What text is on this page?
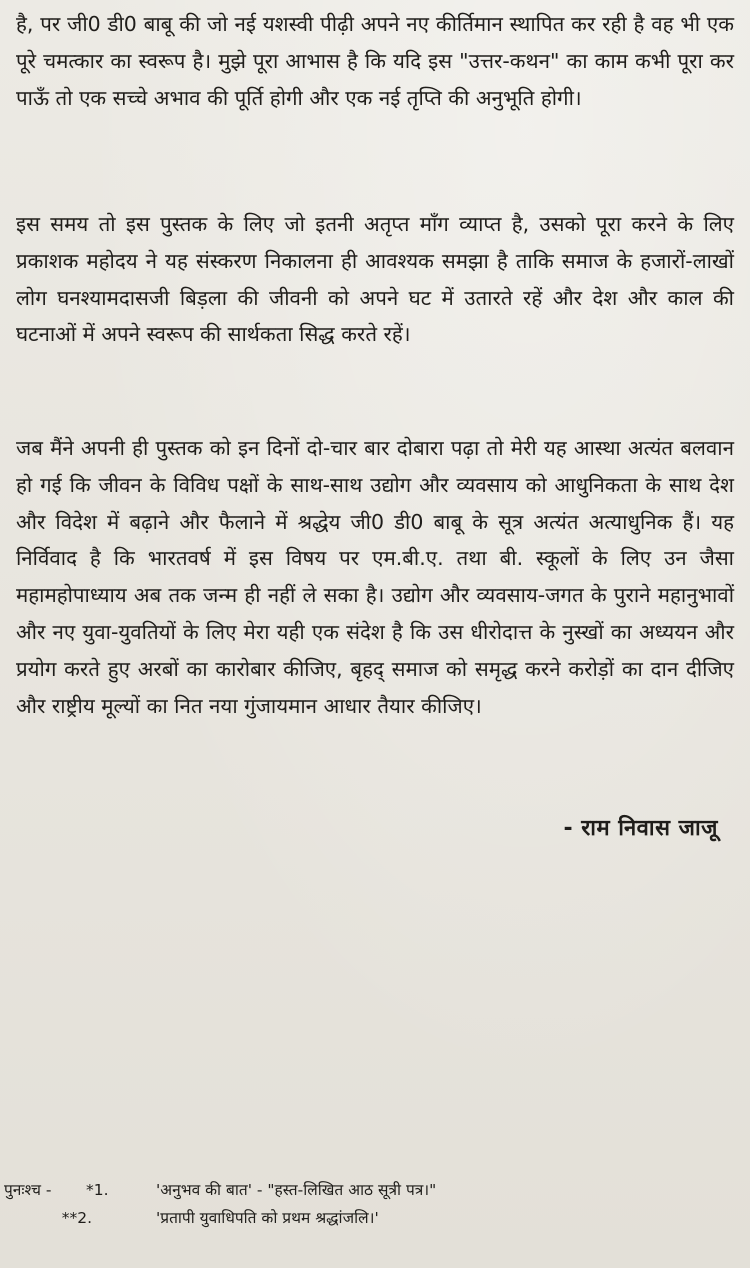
है, पर जी0 डी0 बाबू की जो नई यशस्वी पीढ़ी अपने नए कीर्तिमान स्थापित कर रही है वह भी एक पूरे चमत्कार का स्वरूप है। मुझे पूरा आभास है कि यदि इस "उत्तर-कथन" का काम कभी पूरा कर पाऊँ तो एक सच्चे अभाव की पूर्ति होगी और एक नई तृप्ति की अनुभूति होगी।

इस समय तो इस पुस्तक के लिए जो इतनी अतृप्त माँग व्याप्त है, उसको पूरा करने के लिए प्रकाशक महोदय ने यह संस्करण निकालना ही आवश्यक समझा है ताकि समाज के हजारों-लाखों लोग घनश्यामदासजी बिड़ला की जीवनी को अपने घट में उतारते रहें और देश और काल की घटनाओं में अपने स्वरूप की सार्थकता सिद्ध करते रहें।

जब मैंने अपनी ही पुस्तक को इन दिनों दो-चार बार दोबारा पढ़ा तो मेरी यह आस्था अत्यंत बलवान हो गई कि जीवन के विविध पक्षों के साथ-साथ उद्योग और व्यवसाय को आधुनिकता के साथ देश और विदेश में बढ़ाने और फैलाने में श्रद्धेय जी0 डी0 बाबू के सूत्र अत्यंत अत्याधुनिक हैं। यह निर्विवाद है कि भारतवर्ष में इस विषय पर एम.बी.ए. तथा बी. स्कूलों के लिए उन जैसा महामहोपाध्याय अब तक जन्म ही नहीं ले सका है। उद्योग और व्यवसाय-जगत के पुराने महानुभावों और नए युवा-युवतियों के लिए मेरा यही एक संदेश है कि उस धीरोदात्त के नुस्खों का अध्ययन और प्रयोग करते हुए अरबों का कारोबार कीजिए, बृहद् समाज को समृद्ध करने करोड़ों का दान दीजिए और राष्ट्रीय मूल्यों का नित नया गुंजायमान आधार तैयार कीजिए।

- राम निवास जाजू
पुनःश्च - *1.	'अनुभव की बात' - "हस्त-लिखित आठ सूत्री पत्र।"
**2.	'प्रतापी युवाधिपति को प्रथम श्रद्धांजलि।'
